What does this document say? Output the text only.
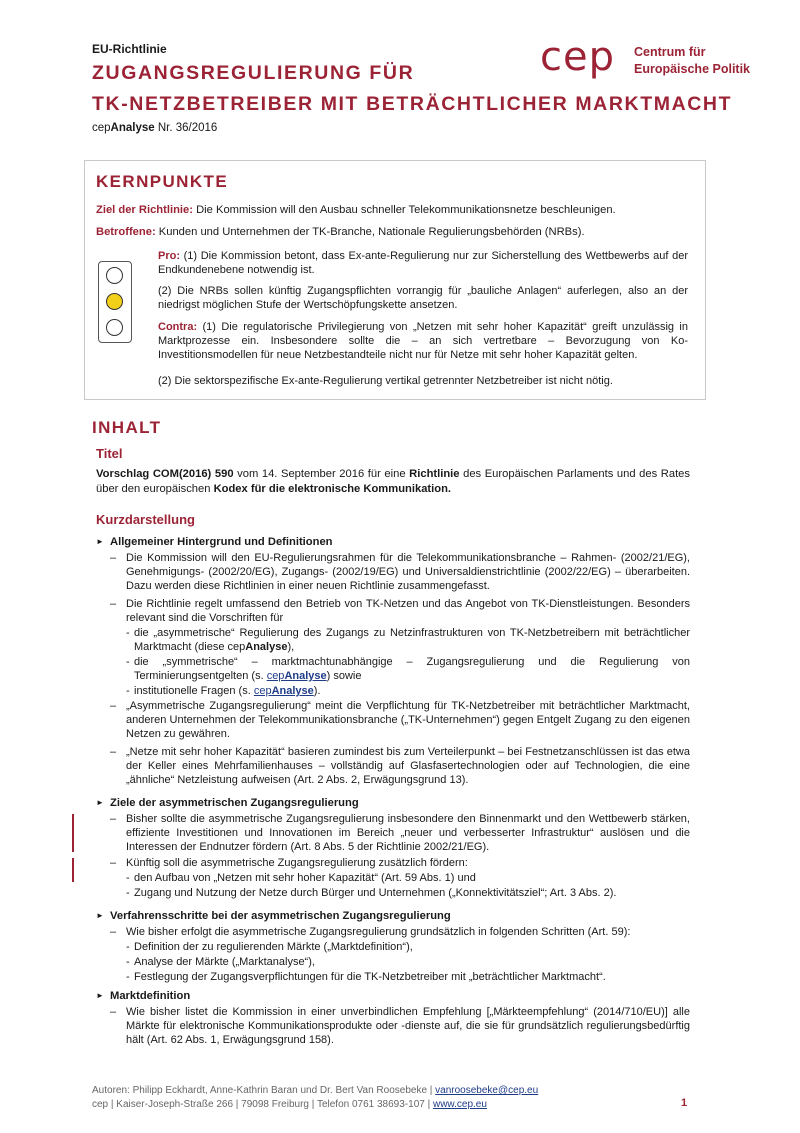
EU-Richtlinie
ZUGANGSREGULIERUNG FÜR
TK-NETZBETREIBER MIT BETRÄCHTLICHER MARKTMACHT
cepAnalyse Nr. 36/2016
cep Centrum für
Europäische Politik
KERNPUNKTE
Ziel der Richtlinie: Die Kommission will den Ausbau schneller Telekommunikationsnetze beschleunigen.
Betroffene: Kunden und Unternehmen der TK-Branche, Nationale Regulierungsbehörden (NRBs).
Pro: (1) Die Kommission betont, dass Ex-ante-Regulierung nur zur Sicherstellung des Wettbewerbs auf der Endkundenebene notwendig ist.
(2) Die NRBs sollen künftig Zugangspflichten vorrangig für „bauliche Anlagen“ auferlegen, also an der niedrigst möglichen Stufe der Wertschöpfungskette ansetzen.
Contra: (1) Die regulatorische Privilegierung von „Netzen mit sehr hoher Kapazität“ greift unzulässig in Marktprozesse ein. Insbesondere sollte die – an sich vertretbare – Bevorzugung von Ko-Investitionsmodellen für neue Netzbestandteile nicht nur für Netze mit sehr hoher Kapazität gelten.
(2) Die sektorspezifische Ex-ante-Regulierung vertikal getrennter Netzbetreiber ist nicht nötig.
INHALT
Titel
Vorschlag COM(2016) 590 vom 14. September 2016 für eine Richtlinie des Europäischen Parlaments und des Rates über den europäischen Kodex für die elektronische Kommunikation.
Kurzdarstellung
► Allgemeiner Hintergrund und Definitionen
– Die Kommission will den EU-Regulierungsrahmen für die Telekommunikationsbranche – Rahmen- (2002/21/EG), Genehmigungs- (2002/20/EG), Zugangs- (2002/19/EG) und Universaldienstrichtlinie (2002/22/EG) – überarbeiten. Dazu werden diese Richtlinien in einer neuen Richtlinie zusammengefasst.
– Die Richtlinie regelt umfassend den Betrieb von TK-Netzen und das Angebot von TK-Dienstleistungen. Besonders relevant sind die Vorschriften für
- die „asymmetrische“ Regulierung des Zugangs zu Netzinfrastrukturen von TK-Netzbetreibern mit beträchtlicher Marktmacht (diese cepAnalyse),
- die „symmetrische“ – marktmachtunabhängige – Zugangsregulierung und die Regulierung von Terminierungsentgelten (s. cepAnalyse) sowie
- institutionelle Fragen (s. cepAnalyse).
– „Asymmetrische Zugangsregulierung“ meint die Verpflichtung für TK-Netzbetreiber mit beträchtlicher Marktmacht, anderen Unternehmen der Telekommunikationsbranche („TK-Unternehmen“) gegen Entgelt Zugang zu den eigenen Netzen zu gewähren.
– „Netze mit sehr hoher Kapazität“ basieren zumindest bis zum Verteilerpunkt – bei Festnetzanschlüssen ist das etwa der Keller eines Mehrfamilienhauses – vollständig auf Glasfasertechnologien oder auf Technologien, die eine „ähnliche“ Netzleistung aufweisen (Art. 2 Abs. 2, Erwägungsgrund 13).
► Ziele der asymmetrischen Zugangsregulierung
– Bisher sollte die asymmetrische Zugangsregulierung insbesondere den Binnenmarkt und den Wettbewerb stärken, effiziente Investitionen und Innovationen im Bereich „neuer und verbesserter Infrastruktur“ auslösen und die Interessen der Endnutzer fördern (Art. 8 Abs. 5 der Richtlinie 2002/21/EG).
– Künftig soll die asymmetrische Zugangsregulierung zusätzlich fördern:
- den Aufbau von „Netzen mit sehr hoher Kapazität“ (Art. 59 Abs. 1) und
- Zugang und Nutzung der Netze durch Bürger und Unternehmen („Konnektivitätsziel“; Art. 3 Abs. 2).
► Verfahrensschritte bei der asymmetrischen Zugangsregulierung
– Wie bisher erfolgt die asymmetrische Zugangsregulierung grundsätzlich in folgenden Schritten (Art. 59):
- Definition der zu regulierenden Märkte („Marktdefinition“),
- Analyse der Märkte („Marktanalyse“),
- Festlegung der Zugangsverpflichtungen für die TK-Netzbetreiber mit „beträchtlicher Marktmacht“.
► Marktdefinition
– Wie bisher listet die Kommission in einer unverbindlichen Empfehlung [„Märkteempfehlung“ (2014/710/EU)] alle Märkte für elektronische Kommunikationsprodukte oder -dienste auf, die sie für grundsätzlich regulierungsbedürftig hält (Art. 62 Abs. 1, Erwägungsgrund 158).
Autoren: Philipp Eckhardt, Anne-Kathrin Baran und Dr. Bert Van Roosebeke | vanroosebeke@cep.eu
cep | Kaiser-Joseph-Straße 266 | 79098 Freiburg | Telefon 0761 38693-107 | www.cep.eu	1
